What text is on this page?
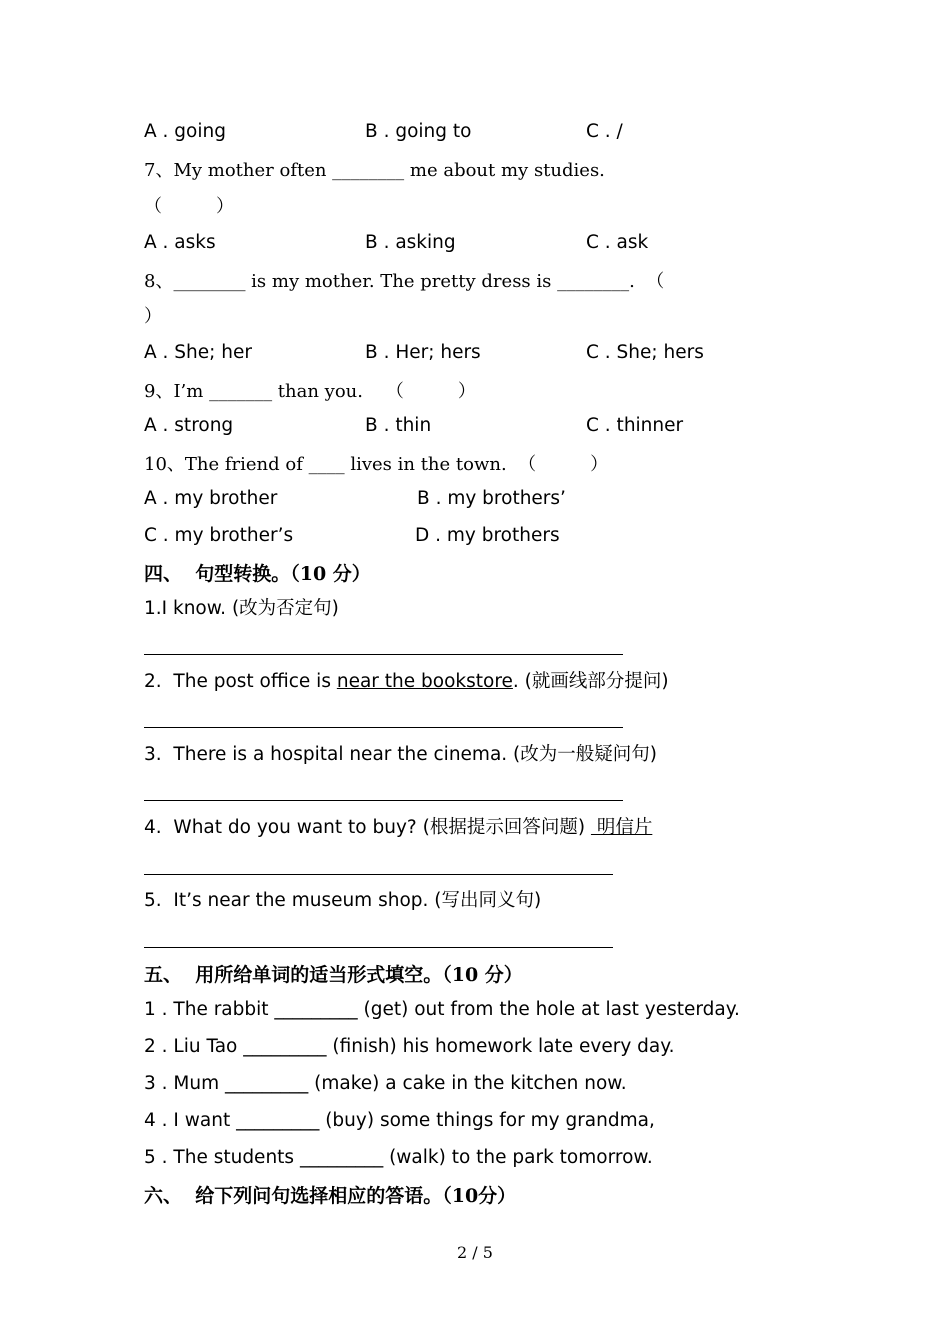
A . going	B . going to	C . /
7、My mother often ________ me about my studies.
（　　　）
A . asks	B . asking	C . ask
8、________ is my mother. The pretty dress is ________.  （
）
A . She; her	B . Her; hers	C . She; hers
9、I’m _______ than you.    （　　　）
A . strong	B . thin	C . thinner
10、The friend of ____ lives in the town.  （　　　）
A . my brother	B . my brothers’
C . my brother’s	D . my brothers
四、  句型转换。（10 分）
1.I know. (改为否定句)
2.  The post office is near the bookstore. (就画线部分提问)
3.  There is a hospital near the cinema. (改为一般疑问句)
4.  What do you want to buy? (根据提示回答问题)  明信片
5.  It’s near the museum shop. (写出同义句)
五、  用所给单词的适当形式填空。（10 分）
1 . The rabbit _________ (get) out from the hole at last yesterday.
2 . Liu Tao _________ (finish) his homework late every day.
3 . Mum _________ (make) a cake in the kitchen now.
4 . I want _________ (buy) some things for my grandma,
5 . The students _________ (walk) to the park tomorrow.
六、  给下列问句选择相应的答语。（10分）
2 / 5
